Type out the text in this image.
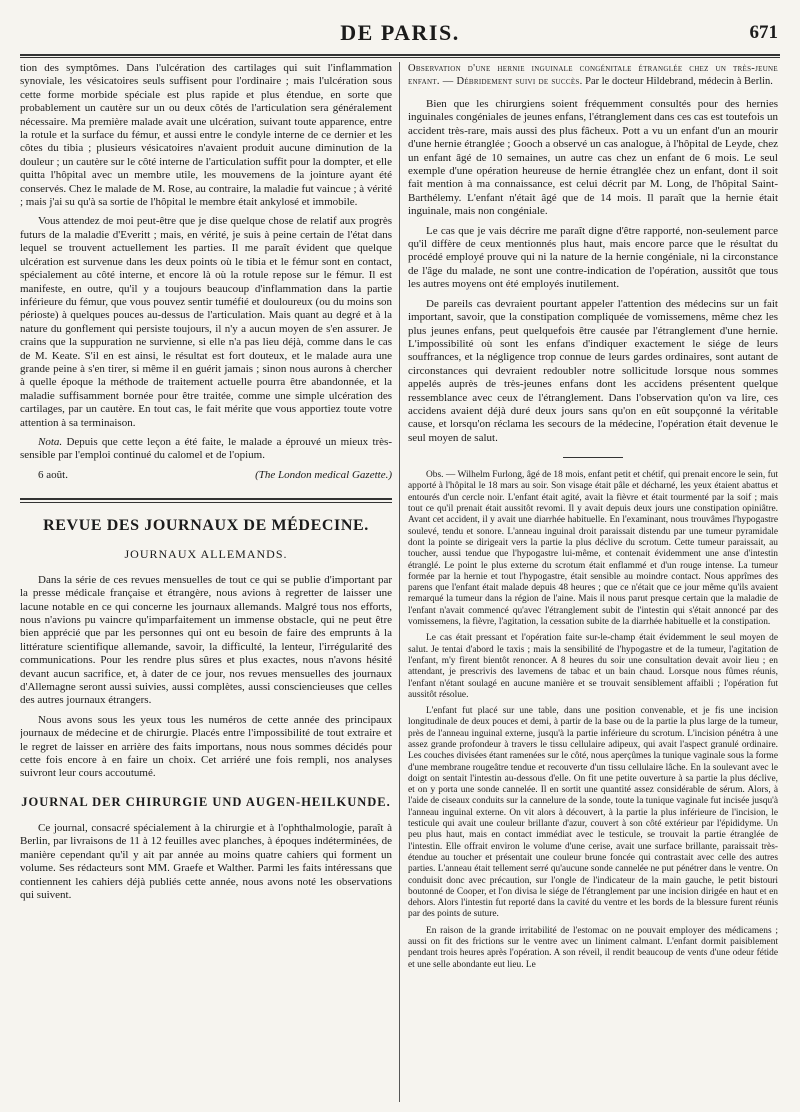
DE PARIS.	671

tion des symptômes. Dans l'ulcération des cartilages qui suit l'inflammation synoviale, les vésicatoires seuls suffisent pour l'ordinaire ; mais l'ulcération sous cette forme morbide spéciale est plus rapide et plus étendue, en sorte que probablement un cautère sur un ou deux côtés de l'articulation sera généralement nécessaire. Ma première malade avait une ulcération, suivant toute apparence, entre la rotule et la surface du fémur, et aussi entre le condyle interne de ce dernier et les côtes du tibia ; plusieurs vésicatoires n'avaient produit aucune diminution de la douleur ; un cautère sur le côté interne de l'articulation suffit pour la dompter, et elle quitta l'hôpital avec un membre utile, les mouvemens de la jointure ayant été conservés. Chez le malade de M. Rose, au contraire, la maladie fut vaincue ; à vérité ; mais j'ai su qu'à sa sortie de l'hôpital le membre était ankylosé et immobile.

Vous attendez de moi peut-être que je dise quelque chose de relatif aux progrès futurs de la maladie d'Everitt ; mais, en vérité, je suis à peine certain de l'état dans lequel se trouvent actuellement les parties. Il me paraît évident que quelque ulcération est survenue dans les deux points où le tibia et le fémur sont en contact, spécialement au côté interne, et encore là où la rotule repose sur le fémur. Il est manifeste, en outre, qu'il y a toujours beaucoup d'inflammation dans la partie inférieure du fémur, que vous pouvez sentir tuméfié et douloureux (ou du moins son périoste) à quelques pouces au-dessus de l'articulation. Mais quant au degré et à la nature du gonflement qui persiste toujours, il n'y a aucun moyen de s'en assurer. Je crains que la suppuration ne survienne, si elle n'a pas lieu déjà, comme dans le cas de M. Keate. S'il en est ainsi, le résultat est fort douteux, et le malade aura une grande peine à s'en tirer, si même il en guérit jamais ; sinon nous aurons à chercher à quelle époque la méthode de traitement actuelle pourra être abandonnée, et la maladie suffisamment bornée pour être traitée, comme une simple ulcération des cartilages, par un cautère. En tout cas, le fait mérite que vous apportiez toute votre attention à sa terminaison.

Nota. Depuis que cette leçon a été faite, le malade a éprouvé un mieux très-sensible par l'emploi continué du calomel et de l'opium.

6 août.	(The London medical Gazette.)
REVUE DES JOURNAUX DE MÉDECINE.
JOURNAUX ALLEMANDS.

Dans la série de ces revues mensuelles de tout ce qui se publie d'important par la presse médicale française et étrangère, nous avions à regretter de laisser une lacune notable en ce qui concerne les journaux allemands. Malgré tous nos efforts, nous n'avions pu vaincre qu'imparfaitement un immense obstacle, qui ne peut être bien apprécié que par les personnes qui ont eu besoin de faire des emprunts à la littérature scientifique allemande, savoir, la difficulté, la lenteur, l'irrégularité des communications. Pour les rendre plus sûres et plus exactes, nous n'avons hésité devant aucun sacrifice, et, à dater de ce jour, nos revues mensuelles des journaux d'Allemagne seront aussi suivies, aussi complètes, aussi consciencieuses que celles des autres journaux étrangers.

Nous avons sous les yeux tous les numéros de cette année des principaux journaux de médecine et de chirurgie. Placés entre l'impossibilité de tout extraire et le regret de laisser en arrière des faits importans, nous nous sommes décidés pour cette fois encore à en faire un choix. Cet arriéré une fois rempli, nos analyses suivront leur cours accoutumé.

JOURNAL DER CHIRURGIE UND AUGEN-HEILKUNDE.

Ce journal, consacré spécialement à la chirurgie et à l'ophthalmologie, paraît à Berlin, par livraisons de 11 à 12 feuilles avec planches, à époques indéterminées, de manière cependant qu'il y ait par année au moins quatre cahiers qui forment un volume. Ses rédacteurs sont MM. Graefe et Walther. Parmi les faits intéressans que contiennent les cahiers déjà publiés cette année, nous avons noté les observations qui suivent.

Observation d'une hernie inguinale congénitale étranglée chez un très-jeune enfant. — Débridement suivi de succès. Par le docteur Hildebrand, médecin à Berlin.

Bien que les chirurgiens soient fréquemment consultés pour des hernies inguinales congéniales de jeunes enfans, l'étranglement dans ces cas est toutefois un accident très-rare, mais aussi des plus fâcheux. Pott a vu un enfant d'un an mourir d'une hernie étranglée ; Gooch a observé un cas analogue, à l'hôpital de Leyde, chez un enfant âgé de 10 semaines, un autre cas chez un enfant de 6 mois. Le seul exemple d'une opération heureuse de hernie étranglée chez un enfant, dont il soit fait mention à ma connaissance, est celui décrit par M. Long, de l'hôpital Saint-Barthélemy. L'enfant n'était âgé que de 14 mois. Il paraît que la hernie était inguinale, mais non congéniale.

Le cas que je vais décrire me paraît digne d'être rapporté, non-seulement parce qu'il diffère de ceux mentionnés plus haut, mais encore parce que le résultat du procédé employé prouve qui ni la nature de la hernie congéniale, ni la circonstance de l'âge du malade, ne sont une contre-indication de l'opération, aussitôt que tous les autres moyens ont été employés inutilement.

De pareils cas devraient pourtant appeler l'attention des médecins sur un fait important, savoir, que la constipation compliquée de vomissemens, même chez les plus jeunes enfans, peut quelquefois être causée par l'étranglement d'une hernie. L'impossibilité où sont les enfans d'indiquer exactement le siége de leurs souffrances, et la négligence trop connue de leurs gardes ordinaires, sont autant de circonstances qui devraient redoubler notre sollicitude lorsque nous sommes appelés auprès de très-jeunes enfans dont les accidens présentent quelque ressemblance avec ceux de l'étranglement. Dans l'observation qu'on va lire, ces accidens avaient déjà duré deux jours sans qu'on en eût soupçonné la véritable cause, et lorsqu'on réclama les secours de la médecine, l'opération était devenue le seul moyen de salut.

Obs. — Wilhelm Furlong, âgé de 18 mois, enfant petit et chétif, qui prenait encore le sein, fut apporté à l'hôpital le 18 mars au soir. Son visage était pâle et décharné, les yeux étaient abattus et entourés d'un cercle noir. L'enfant était agité, avait la fièvre et était tourmenté par la soif ; mais tout ce qu'il prenait était aussitôt revomi. Il y avait depuis deux jours une constipation opiniâtre. Avant cet accident, il y avait une diarrhée habituelle. En l'examinant, nous trouvâmes l'hypogastre soulevé, tendu et sonore. L'anneau inguinal droit paraissait distendu par une tumeur pyramidale dont la pointe se dirigeait vers la partie la plus déclive du scrotum. Cette tumeur paraissait, au toucher, aussi tendue que l'hypogastre lui-même, et contenait évidemment une anse d'intestin étranglé. Le point le plus externe du scrotum était enflammé et d'un rouge intense. La tumeur formée par la hernie et tout l'hypogastre, était sensible au moindre contact. Nous apprîmes des parens que l'enfant était malade depuis 48 heures ; que ce n'était que ce jour même qu'ils avaient remarqué la tumeur dans la région de l'aine. Mais il nous parut presque certain que la maladie de l'enfant n'avait commencé qu'avec l'étranglement subit de l'intestin qui s'était annoncé par des vomissemens, la fièvre, l'agitation, la cessation subite de la diarrhée habituelle et la constipation.

Le cas était pressant et l'opération faite sur-le-champ était évidemment le seul moyen de salut. Je tentai d'abord le taxis ; mais la sensibilité de l'hypogastre et de la tumeur, l'agitation de l'enfant, m'y firent bientôt renoncer. A 8 heures du soir une consultation devait avoir lieu ; en attendant, je prescrivis des lavemens de tabac et un bain chaud. Lorsque nous fûmes réunis, l'enfant n'étant soulagé en aucune manière et se trouvait sensiblement affaibli ; l'opération fut aussitôt résolue.

L'enfant fut placé sur une table, dans une position convenable, et je fis une incision longitudinale de deux pouces et demi, à partir de la base ou de la partie la plus large de la tumeur, près de l'anneau inguinal externe, jusqu'à la partie inférieure du scrotum. L'incision pénétra à une assez grande profondeur à travers le tissu cellulaire adipeux, qui avait l'aspect granulé ordinaire. Les couches divisées étant ramenées sur le côté, nous aperçûmes la tunique vaginale sous la forme d'une membrane rougeâtre tendue et recouverte d'un tissu cellulaire lâche. En la soulevant avec le doigt on sentait l'intestin au-dessous d'elle. On fit une petite ouverture à sa partie la plus déclive, et on y porta une sonde cannelée. Il en sortit une quantité assez considérable de sérum. Alors, à l'aide de ciseaux conduits sur la cannelure de la sonde, toute la tunique vaginale fut incisée jusqu'à l'anneau inguinal externe. On vit alors à découvert, à la partie la plus inférieure de l'incision, le testicule qui avait une couleur brillante d'azur, couvert à son côté extérieur par l'épididyme. Un peu plus haut, mais en contact immédiat avec le testicule, se trouvait la partie étranglée de l'intestin. Elle offrait environ le volume d'une cerise, avait une surface brillante, paraissait très-étendue au toucher et présentait une couleur brune foncée qui contrastait avec celle des autres parties. L'anneau était tellement serré qu'aucune sonde cannelée ne put pénétrer dans le ventre. On conduisit donc avec précaution, sur l'ongle de l'indicateur de la main gauche, le petit bistouri boutonné de Cooper, et l'on divisa le siége de l'étranglement par une incision dirigée en haut et en dehors. Alors l'intestin fut reporté dans la cavité du ventre et les bords de la blessure furent réunis par des points de suture.

En raison de la grande irritabilité de l'estomac on ne pouvait employer des médicamens ; aussi on fit des frictions sur le ventre avec un liniment calmant. L'enfant dormit paisiblement pendant trois heures après l'opération. A son réveil, il rendit beaucoup de vents d'une odeur fétide et une selle abondante eut lieu. Le
